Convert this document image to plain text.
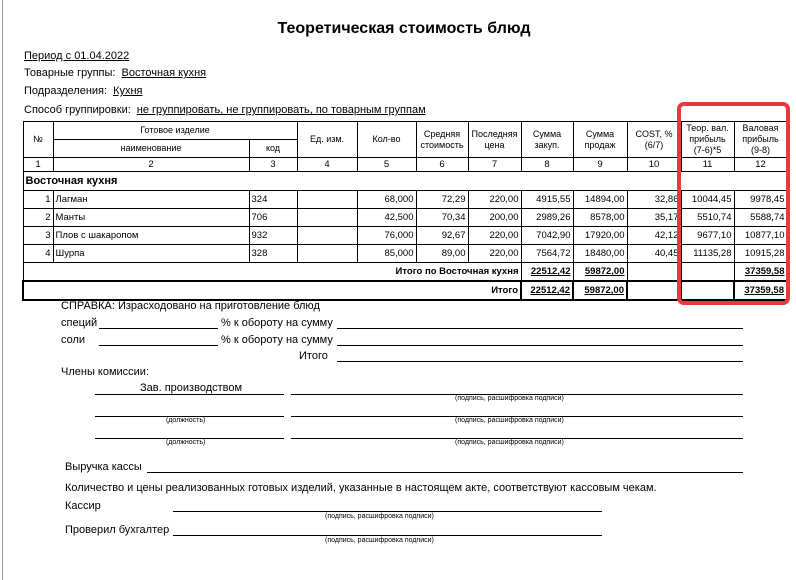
Теоретическая стоимость блюд
Период с 01.04.2022
Товарные группы: Восточная кухня
Подразделения: Кухня
Способ группировки: не группировать, не группировать, по товарным группам
№	Готовое изделие		Ед. изм.	Кол-во	Средняя стоимость	Последняя цена	Сумма закуп.	Сумма продаж	COST, % (6/7)	Теор. вал. прибыль (7-6)*5	Валовая прибыль (9-8)
	наименование	код									
1	2	3	4	5	6	7	8	9	10	11	12
Восточная кухня											
1	Лагман	324		68,000	72,29	220,00	4915,55	14894,00	32,86	10044,45	9978,45
2	Манты	706		42,500	70,34	200,00	2989,26	8578,00	35,17	5510,74	5588,74
3	Плов с шакаропом	932		76,000	92,67	220,00	7042,90	17920,00	42,12	9677,10	10877,10
4	Шурпа	328		85,000	89,00	220,00	7564,72	18480,00	40,45	11135,28	10915,28
Итого по Восточная кухня							22512,42	59872,00			37359,58
Итого							22512,42	59872,00			37359,58
СПРАВКА: Израсходовано на приготовление блюд
специй	% к обороту на сумму
соли	% к обороту на сумму
Итого
Члены комиссии:
Зав. производством
(подпись, расшифровка подписи)
(должность)	(подпись, расшифровка подписи)
(должность)	(подпись, расшифровка подписи)
Выручка кассы
Количество и цены реализованных готовых изделий, указанные в настоящем акте, соответствуют кассовым чекам.
Кассир
(подпись, расшифровка подписи)
Проверил бухгалтер
(подпись, расшифровка подписи)
